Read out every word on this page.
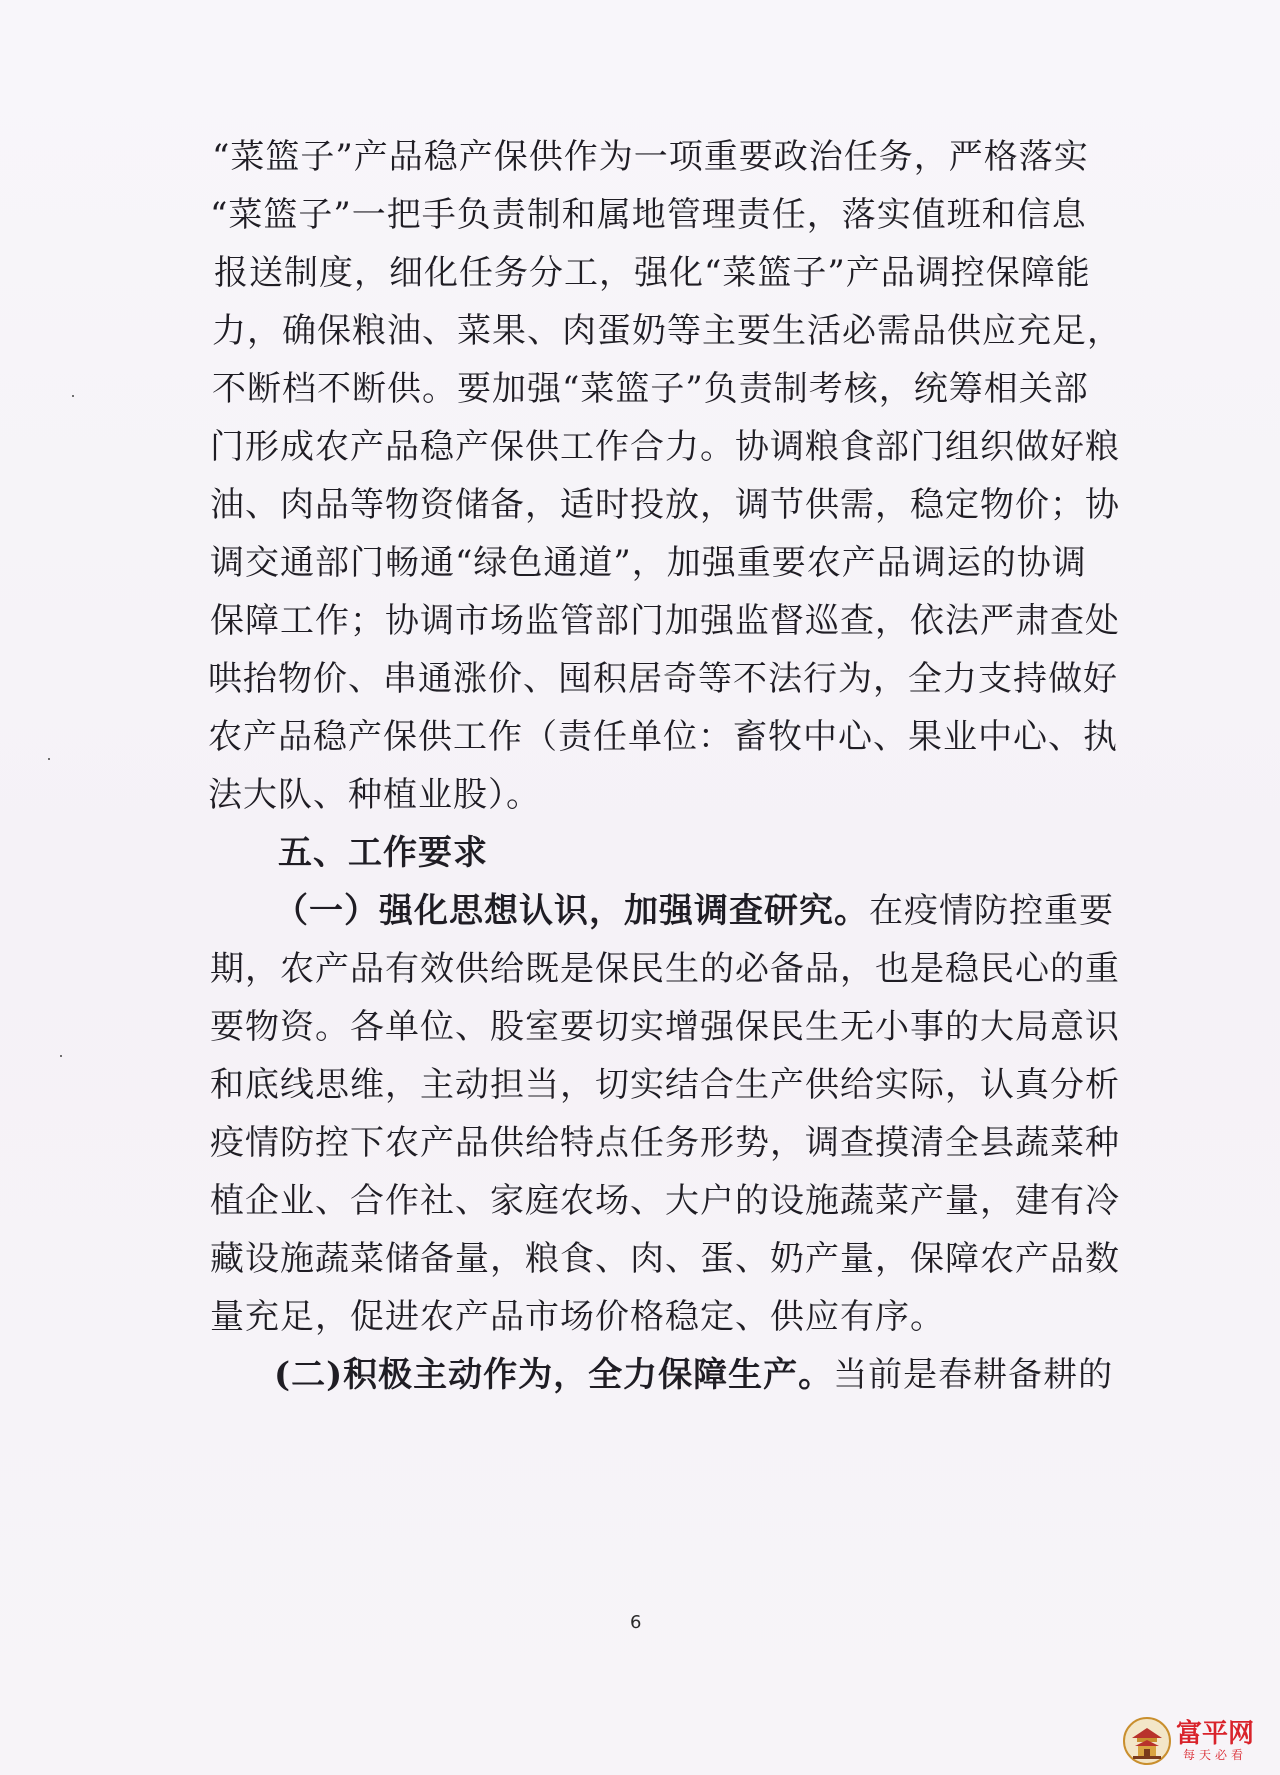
“菜篮子”产品稳产保供作为一项重要政治任务，严格落实
“菜篮子”一把手负责制和属地管理责任，落实值班和信息
报送制度，细化任务分工，强化“菜篮子”产品调控保障能
力，确保粮油、菜果、肉蛋奶等主要生活必需品供应充足，
不断档不断供。要加强“菜篮子”负责制考核，统筹相关部
门形成农产品稳产保供工作合力。协调粮食部门组织做好粮
油、肉品等物资储备，适时投放，调节供需，稳定物价；协
调交通部门畅通“绿色通道”，加强重要农产品调运的协调
保障工作；协调市场监管部门加强监督巡查，依法严肃查处
哄抬物价、串通涨价、囤积居奇等不法行为，全力支持做好
农产品稳产保供工作（责任单位：畜牧中心、果业中心、执
法大队、种植业股）。
五、工作要求
（一）强化思想认识，加强调查研究。在疫情防控重要
期，农产品有效供给既是保民生的必备品，也是稳民心的重
要物资。各单位、股室要切实增强保民生无小事的大局意识
和底线思维，主动担当，切实结合生产供给实际，认真分析
疫情防控下农产品供给特点任务形势，调查摸清全县蔬菜种
植企业、合作社、家庭农场、大户的设施蔬菜产量，建有冷
藏设施蔬菜储备量，粮食、肉、蛋、奶产量，保障农产品数
量充足，促进农产品市场价格稳定、供应有序。
(二)积极主动作为，全力保障生产。当前是春耕备耕的
6
富平网
每天必看
